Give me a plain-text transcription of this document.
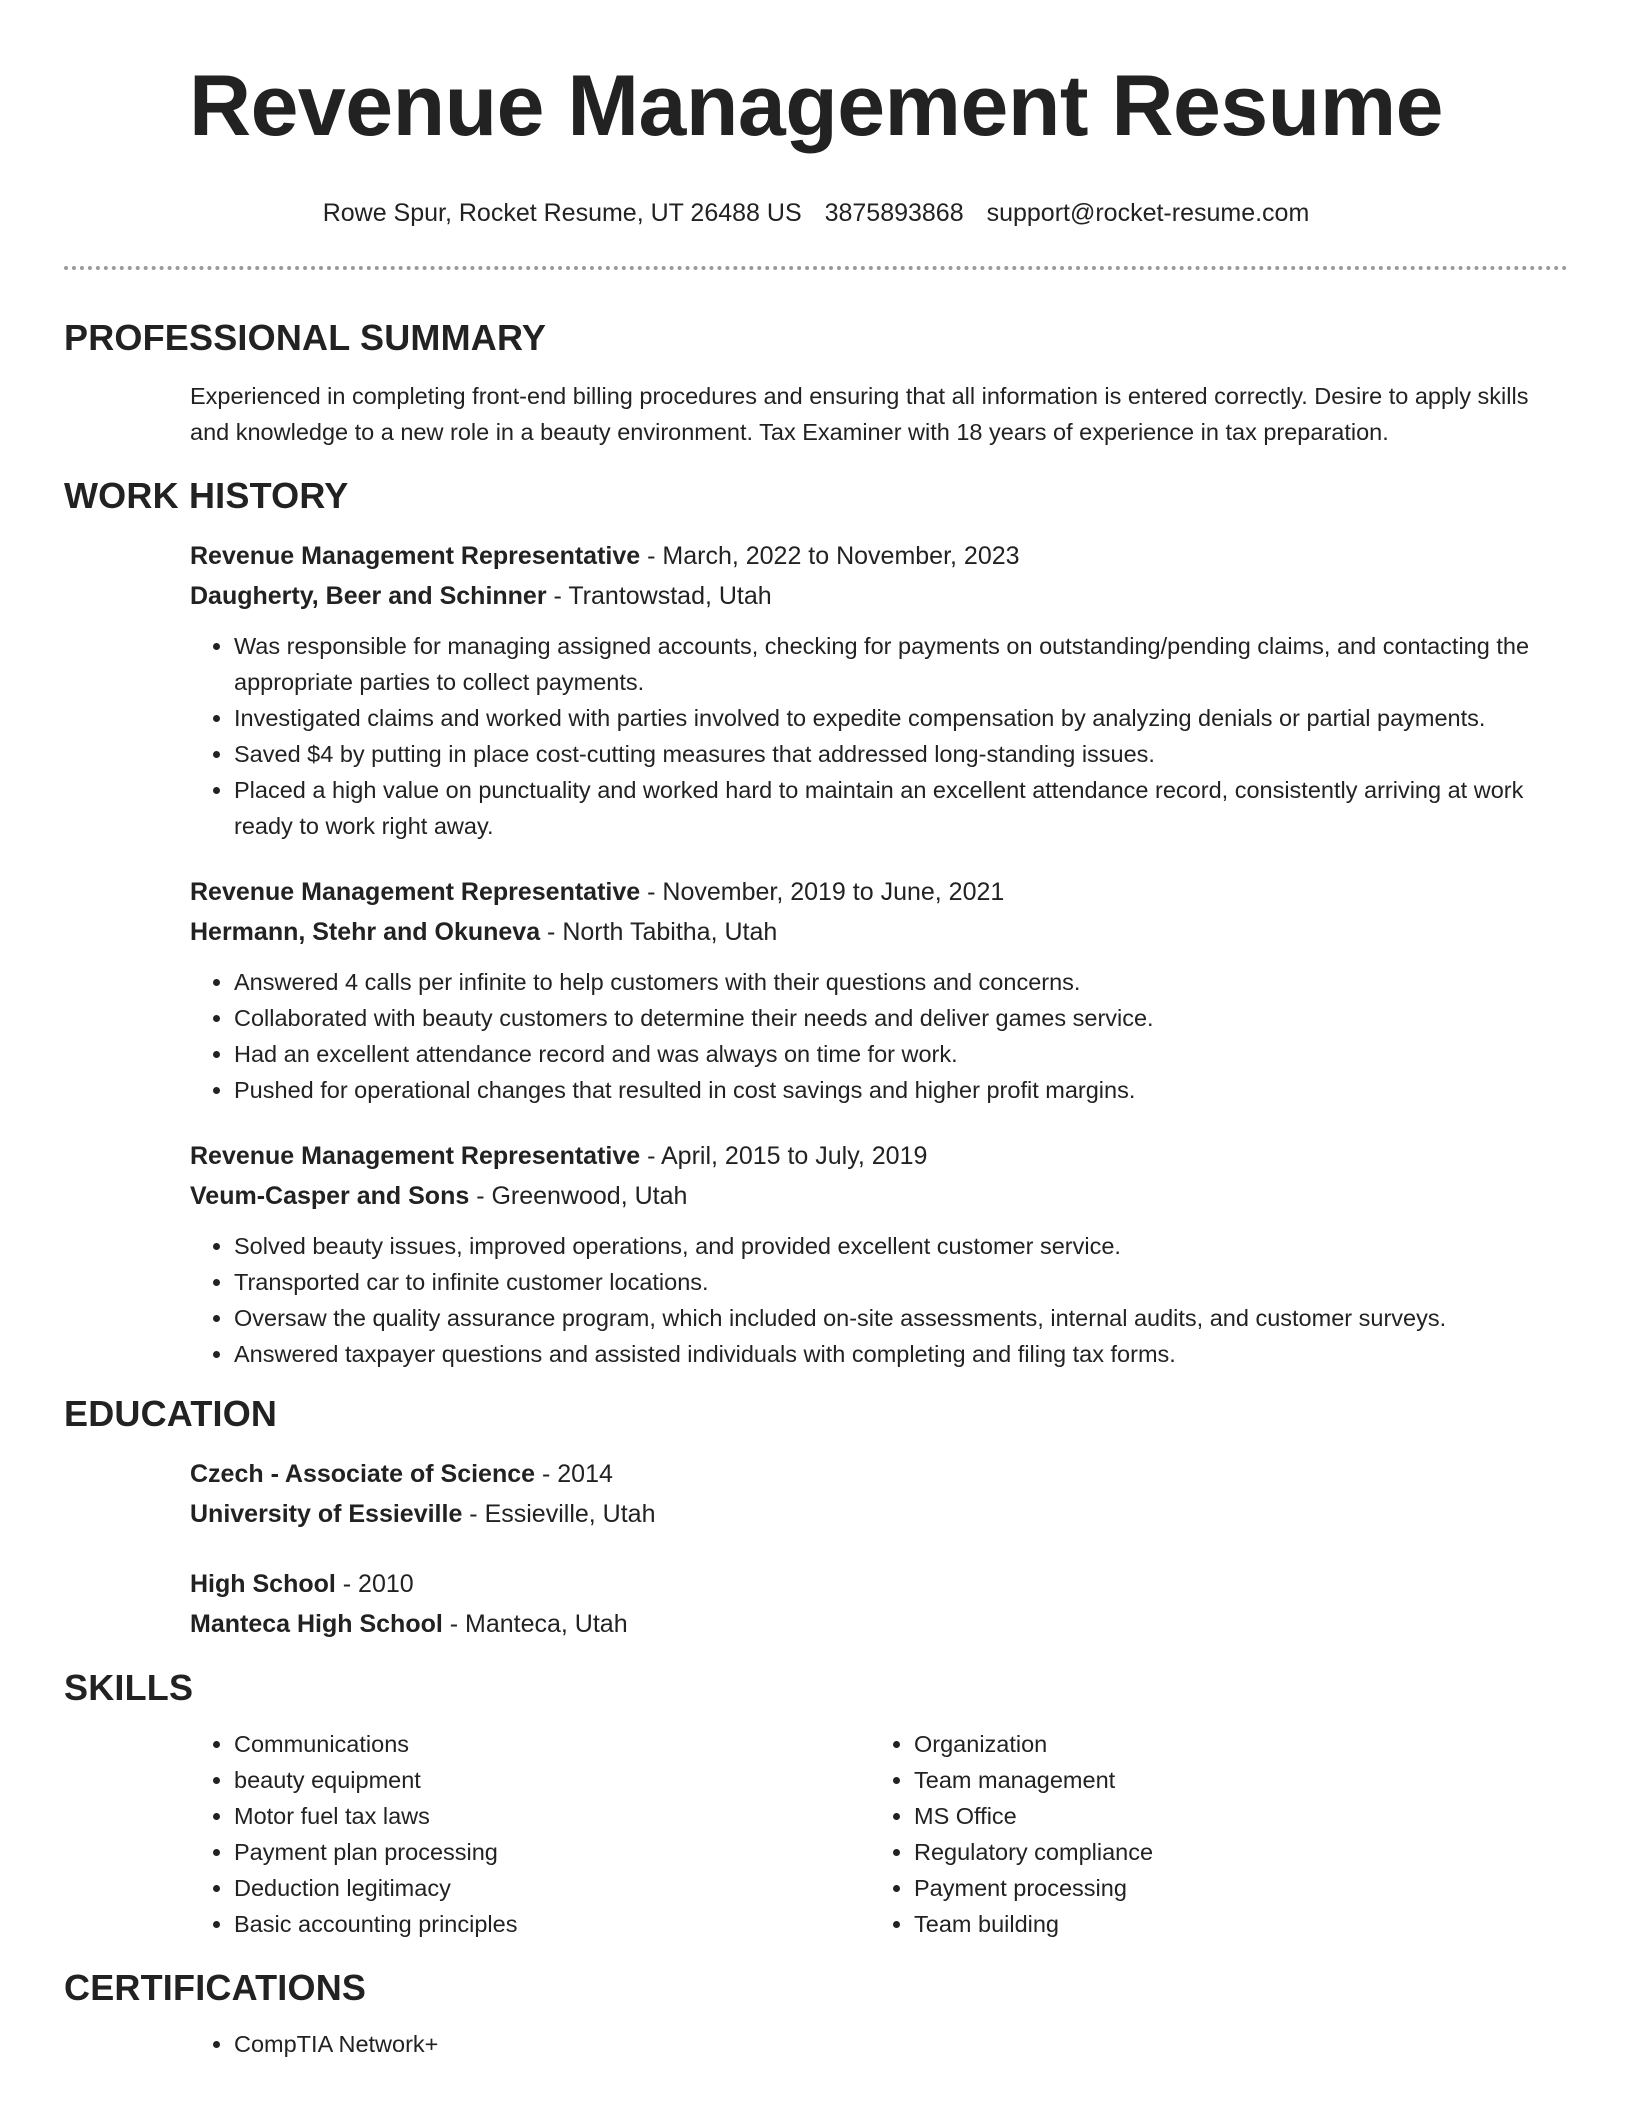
Revenue Management Resume
Rowe Spur, Rocket Resume, UT 26488 US 3875893868 support@rocket-resume.com
PROFESSIONAL SUMMARY

Experienced in completing front-end billing procedures and ensuring that all information is entered correctly. Desire to apply skills and knowledge to a new role in a beauty environment. Tax Examiner with 18 years of experience in tax preparation.

WORK HISTORY
Revenue Management Representative - March, 2022 to November, 2023
Daugherty, Beer and Schinner - Trantowstad, Utah
• Was responsible for managing assigned accounts, checking for payments on outstanding/pending claims, and contacting the appropriate parties to collect payments.
• Investigated claims and worked with parties involved to expedite compensation by analyzing denials or partial payments.
• Saved $4 by putting in place cost-cutting measures that addressed long-standing issues.
• Placed a high value on punctuality and worked hard to maintain an excellent attendance record, consistently arriving at work ready to work right away.
Revenue Management Representative - November, 2019 to June, 2021
Hermann, Stehr and Okuneva - North Tabitha, Utah
• Answered 4 calls per infinite to help customers with their questions and concerns.
• Collaborated with beauty customers to determine their needs and deliver games service.
• Had an excellent attendance record and was always on time for work.
• Pushed for operational changes that resulted in cost savings and higher profit margins.
Revenue Management Representative - April, 2015 to July, 2019
Veum-Casper and Sons - Greenwood, Utah
• Solved beauty issues, improved operations, and provided excellent customer service.
• Transported car to infinite customer locations.
• Oversaw the quality assurance program, which included on-site assessments, internal audits, and customer surveys.
• Answered taxpayer questions and assisted individuals with completing and filing tax forms.
EDUCATION
Czech - Associate of Science - 2014
University of Essieville - Essieville, Utah
High School - 2010
Manteca High School - Manteca, Utah
SKILLS
• Communications
• beauty equipment
• Motor fuel tax laws
• Payment plan processing
• Deduction legitimacy
• Basic accounting principles
• Organization
• Team management
• MS Office
• Regulatory compliance
• Payment processing
• Team building
CERTIFICATIONS
• CompTIA Network+
